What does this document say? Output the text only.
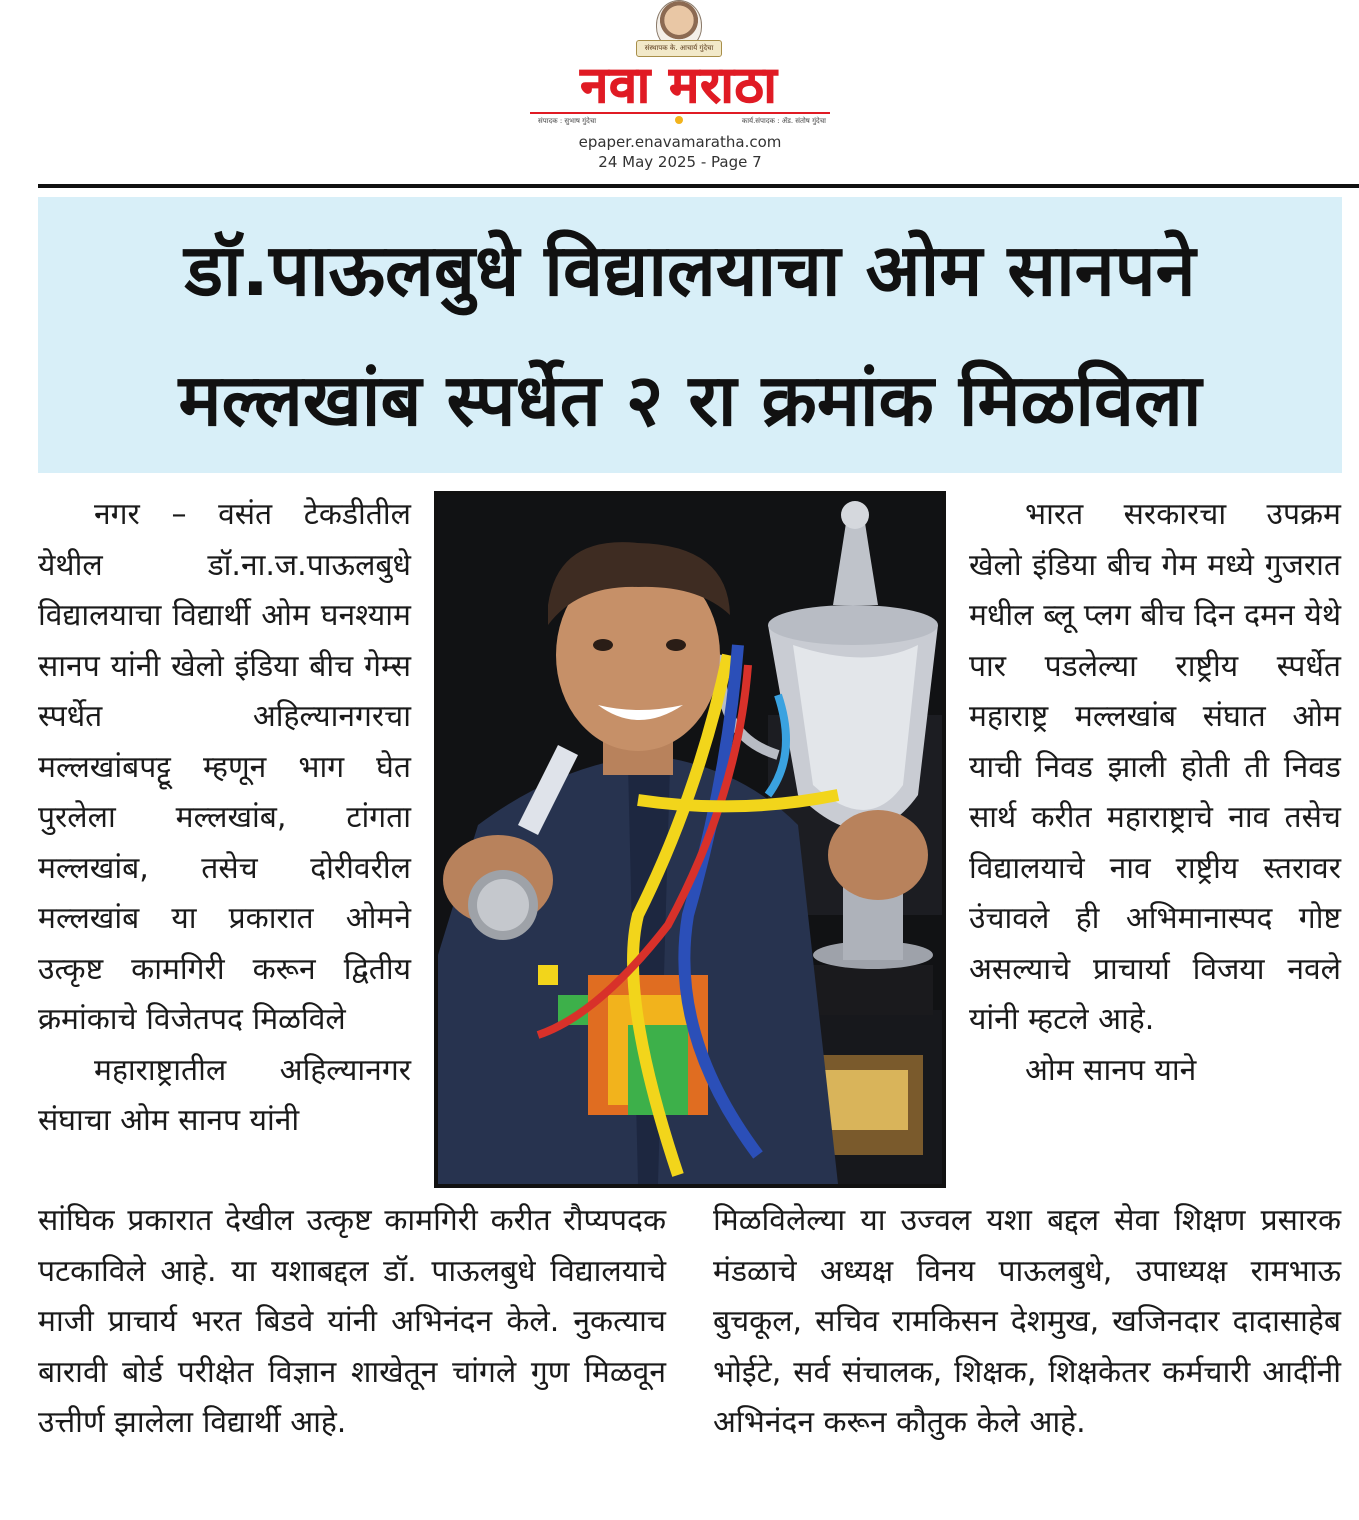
संस्थापक के. आचार्य गुंदेचा
नवा मराठा
संपादक : सुभाष गुंदेचा	कार्य.संपादक : ॲड. संतोष गुंदेचा
epaper.enavamaratha.com
24 May 2025 - Page 7
डॉ.पाऊलबुधे विद्यालयाचा ओम सानपने
मल्लखांब स्पर्धेत २ रा क्रमांक मिळविला

नगर – वसंत टेकडीतील येथील डॉ.ना.ज.पाऊलबुधे विद्यालयाचा विद्यार्थी ओम घनश्याम सानप यांनी खेलो इंडिया बीच गेम्स स्पर्धेत अहिल्यानगरचा मल्लखांबपट्टू म्हणून भाग घेत पुरलेला मल्लखांब, टांगता मल्लखांब, तसेच दोरीवरील मल्लखांब या प्रकारात ओमने उत्कृष्ट कामगिरी करून द्वितीय क्रमांकाचे विजेतपद मिळविले

महाराष्ट्रातील अहिल्यानगर संघाचा ओम सानप यांनी

भारत सरकारचा उपक्रम खेलो इंडिया बीच गेम मध्ये गुजरात मधील ब्लू प्लग बीच दिन दमन येथे पार पडलेल्या राष्ट्रीय स्पर्धेत महाराष्ट्र मल्लखांब संघात ओम याची निवड झाली होती ती निवड सार्थ करीत महाराष्ट्राचे नाव तसेच विद्यालयाचे नाव राष्ट्रीय स्तरावर उंचावले ही अभिमानास्पद गोष्ट असल्याचे प्राचार्या विजया नवले यांनी म्हटले आहे.

ओम सानप याने

सांघिक प्रकारात देखील उत्कृष्ट कामगिरी करीत रौप्यपदक पटकाविले आहे. या यशाबद्दल डॉ. पाऊलबुधे विद्यालयाचे माजी प्राचार्य भरत बिडवे यांनी अभिनंदन केले. नुकत्याच बारावी बोर्ड परीक्षेत विज्ञान शाखेतून चांगले गुण मिळवून उत्तीर्ण झालेला विद्यार्थी आहे.

मिळविलेल्या या उज्वल यशा बद्दल सेवा शिक्षण प्रसारक मंडळाचे अध्यक्ष विनय पाऊलबुधे, उपाध्यक्ष रामभाऊ बुचकूल, सचिव रामकिसन देशमुख, खजिनदार दादासाहेब भोईटे, सर्व संचालक, शिक्षक, शिक्षकेतर कर्मचारी आदींनी अभिनंदन करून कौतुक केले आहे.
